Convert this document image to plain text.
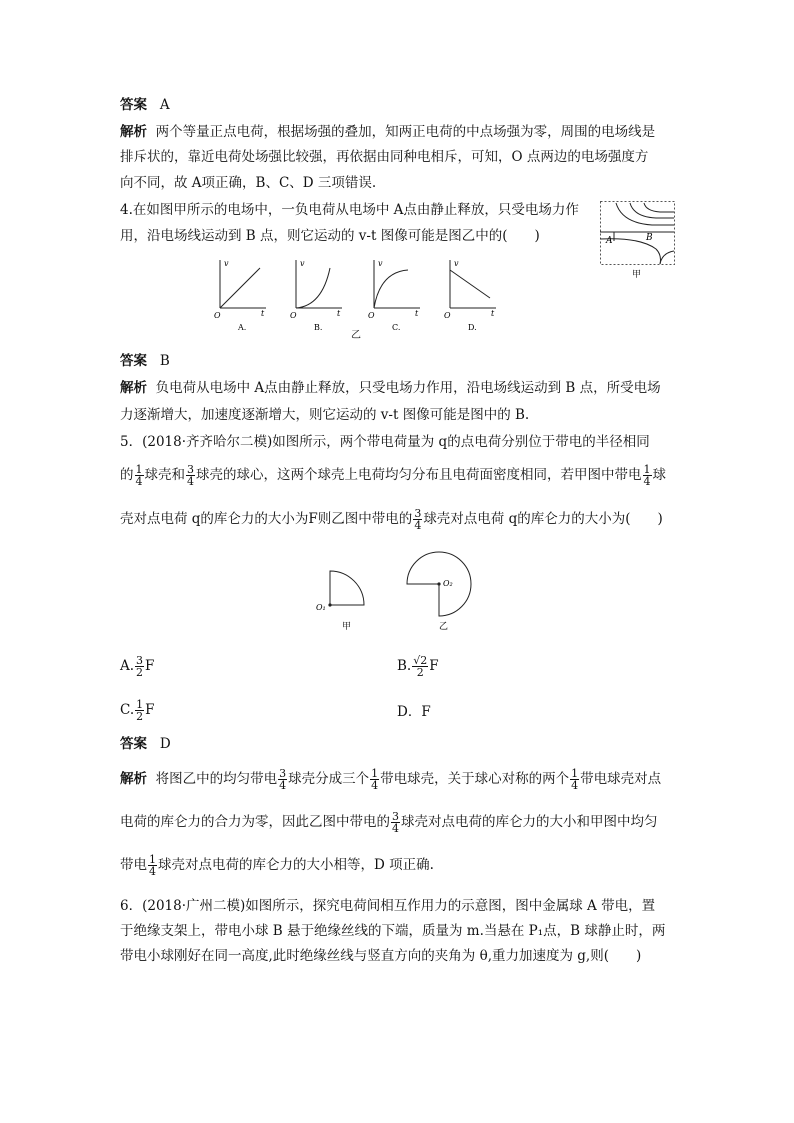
答案 A
解析 两个等量正点电荷，根据场强的叠加，知两正电荷的中点场强为零，周围的电场线是
排斥状的，靠近电荷处场强比较强，再依据由同种电相斥，可知，O 点两边的电场强度方
向不同，故 A项正确，B、C、D 三项错误.
4.在如图甲所示的电场中，一负电荷从电场中 A点由静止释放，只受电场力作
用，沿电场线运动到 B 点，则它运动的 v-t 图像可能是图乙中的(　　)	A	B
甲
v
t
O
A.
v
t
O
B.
v
t
O
C.
v
t
O
D.
乙
答案 B
解析 负电荷从电场中 A点由静止释放，只受电场力作用，沿电场线运动到 B 点，所受电场
力逐渐增大，加速度逐渐增大，则它运动的 v-t 图像可能是图中的 B.
5．(2018·齐齐哈尔二模)如图所示，两个带电荷量为 q的点电荷分别位于带电的半径相同
的 $\frac{1}{4}$ 球壳和 $\frac{3}{4}$ 球壳的球心，这两个球壳上电荷均匀分布且电荷面密度相同，若甲图中带电 $\frac{1}{4}$ 球
壳对点电荷 q的库仑力的大小为F则乙图中带电的 $\frac{3}{4}$ 球壳对点电荷 q的库仑力的大小为(　　)
O₁
甲
O₂
乙
A. $\frac{3}{2}$ F	B. $\frac{√2}{2}$ F
C. $\frac{1}{2}$ F	D．F
答案 D
解析 将图乙中的均匀带电 $\frac{3}{4}$ 球壳分成三个 $\frac{1}{4}$ 带电球壳，关于球心对称的两个 $\frac{1}{4}$ 带电球壳对点
电荷的库仑力的合力为零，因此乙图中带电的 $\frac{3}{4}$ 球壳对点电荷的库仑力的大小和甲图中均匀
带电 $\frac{1}{4}$ 球壳对点电荷的库仑力的大小相等，D 项正确.
6．(2018·广州二模)如图所示，探究电荷间相互作用力的示意图，图中金属球 A 带电，置
于绝缘支架上，带电小球 B 悬于绝缘丝线的下端，质量为 m.当悬在 P₁点，B 球静止时，两
带电小球刚好在同一高度,此时绝缘丝线与竖直方向的夹角为 θ,重力加速度为 g,则(　　)
